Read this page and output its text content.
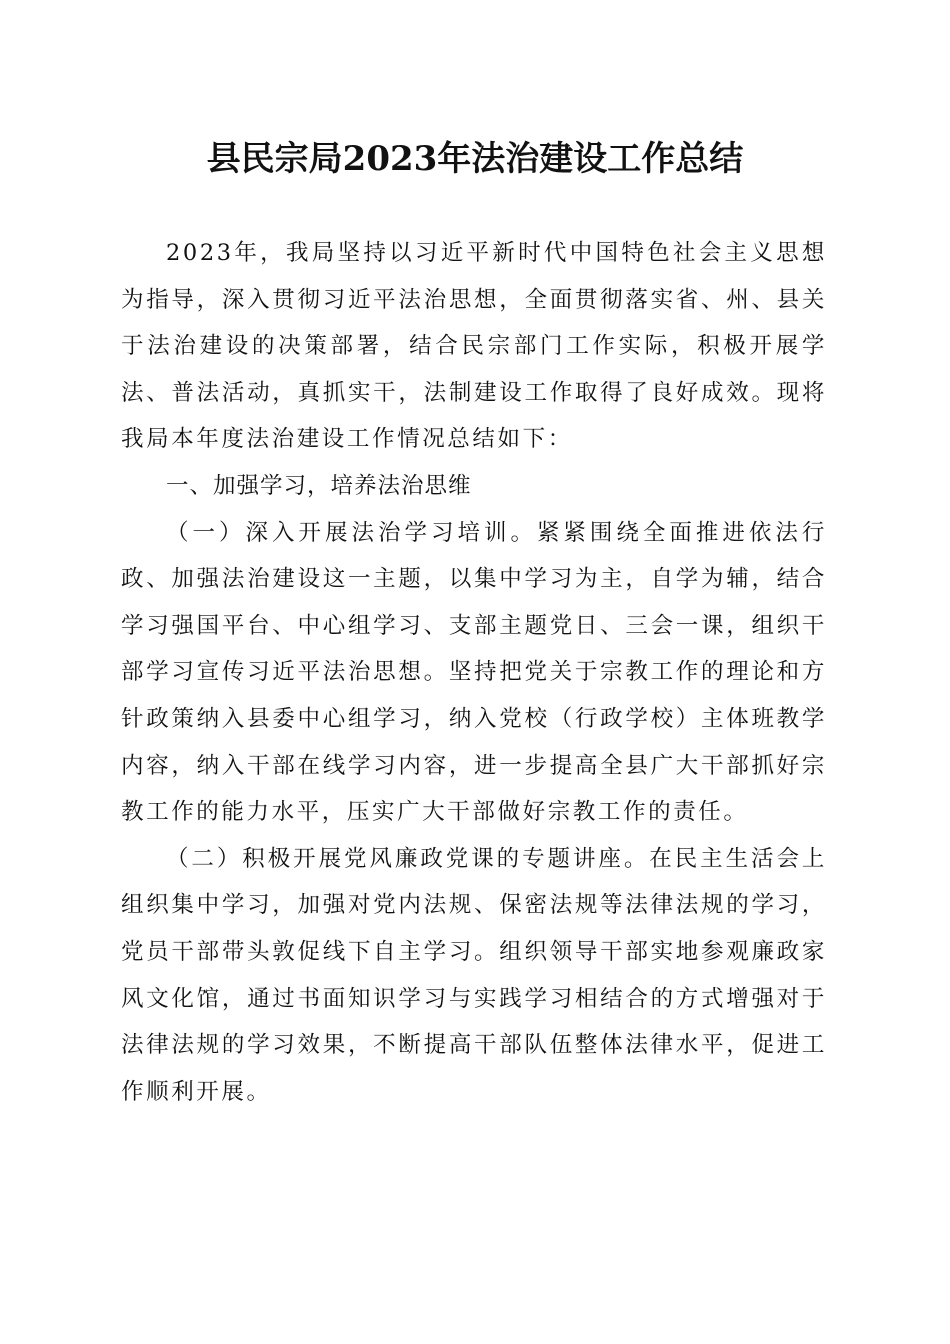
县民宗局2023年法治建设工作总结

2023年，我局坚持以习近平新时代中国特色社会主义思想为指导，深入贯彻习近平法治思想，全面贯彻落实省、州、县关于法治建设的决策部署，结合民宗部门工作实际，积极开展学法、普法活动，真抓实干，法制建设工作取得了良好成效。现将我局本年度法治建设工作情况总结如下：

一、加强学习，培养法治思维

（一）深入开展法治学习培训。紧紧围绕全面推进依法行政、加强法治建设这一主题，以集中学习为主，自学为辅，结合学习强国平台、中心组学习、支部主题党日、三会一课，组织干部学习宣传习近平法治思想。坚持把党关于宗教工作的理论和方针政策纳入县委中心组学习，纳入党校（行政学校）主体班教学内容，纳入干部在线学习内容，进一步提高全县广大干部抓好宗教工作的能力水平，压实广大干部做好宗教工作的责任。

（二）积极开展党风廉政党课的专题讲座。在民主生活会上组织集中学习，加强对党内法规、保密法规等法律法规的学习，党员干部带头敦促线下自主学习。组织领导干部实地参观廉政家风文化馆，通过书面知识学习与实践学习相结合的方式增强对于法律法规的学习效果，不断提高干部队伍整体法律水平，促进工作顺利开展。
